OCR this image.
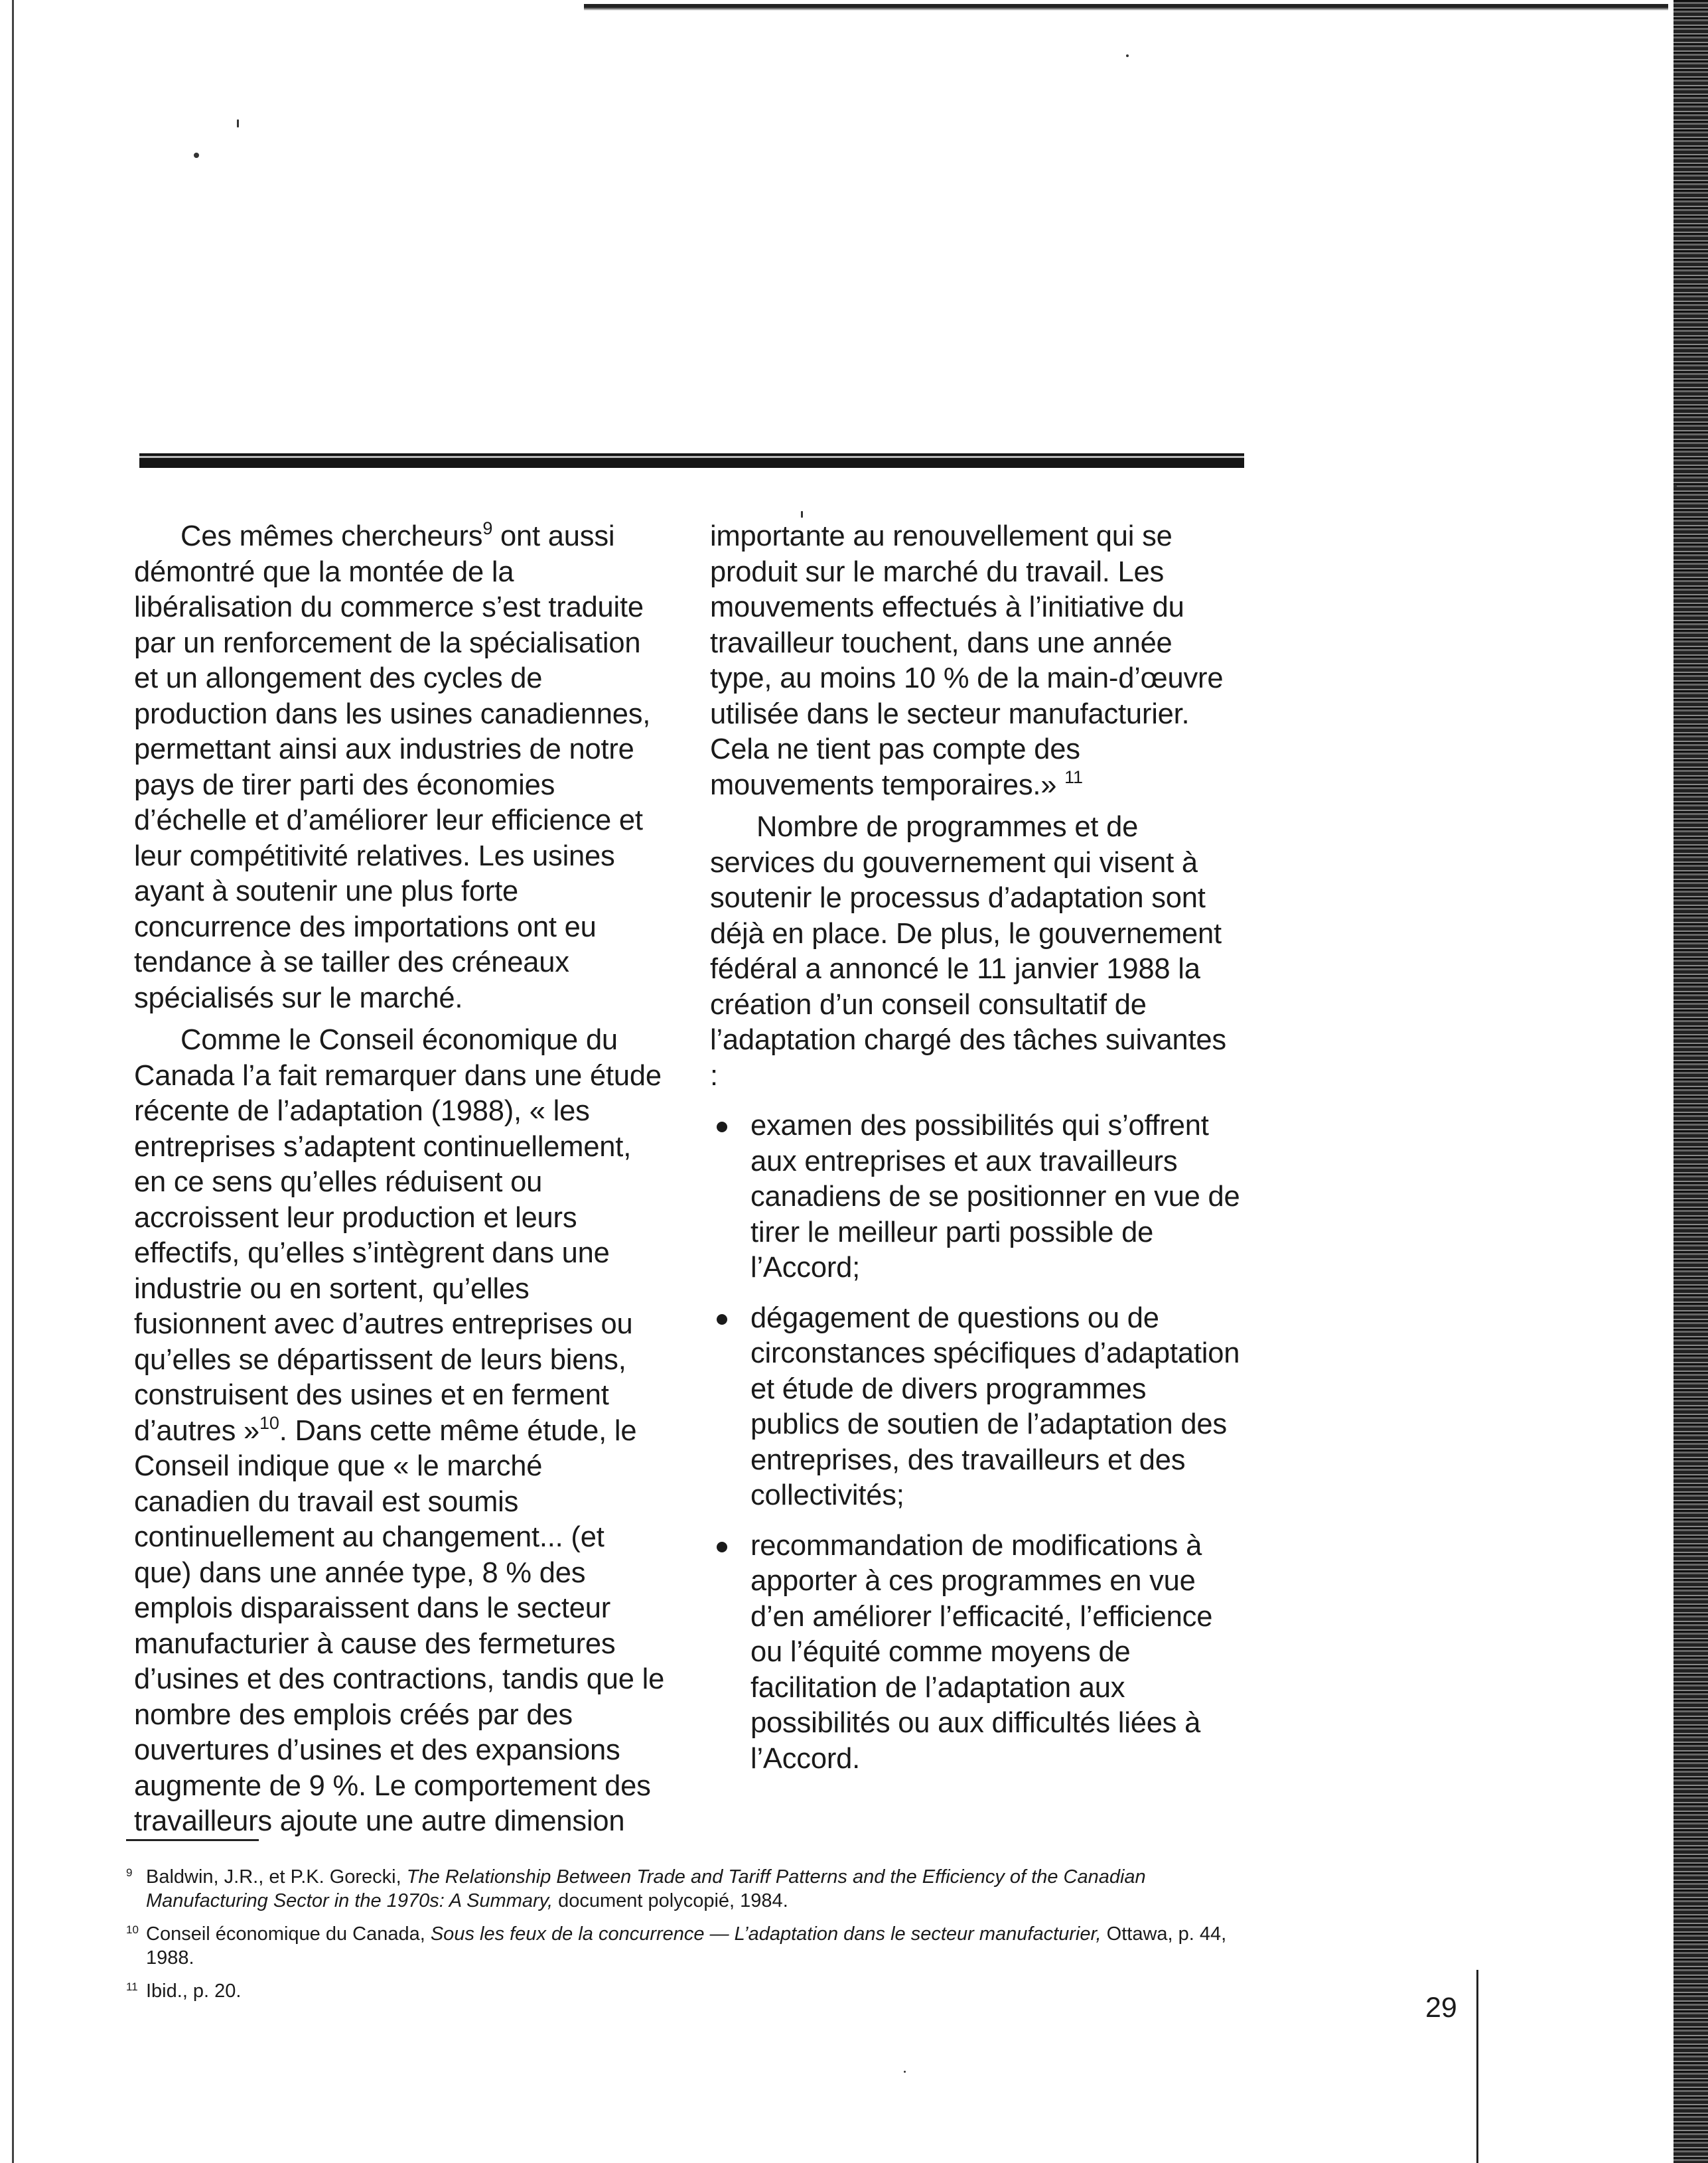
Ces mêmes chercheurs$^9$ ont aussi démontré que la montée de la libéralisation du commerce s’est traduite par un renforcement de la spécialisation et un allongement des cycles de production dans les usines canadiennes, permettant ainsi aux industries de notre pays de tirer parti des économies d’échelle et d’améliorer leur efficience et leur compétitivité relatives. Les usines ayant à soutenir une plus forte concurrence des importations ont eu tendance à se tailler des créneaux spécialisés sur le marché.

Comme le Conseil économique du Canada l’a fait remarquer dans une étude récente de l’adaptation (1988), « les entreprises s’adaptent continuellement, en ce sens qu’elles réduisent ou accroissent leur production et leurs effectifs, qu’elles s’intègrent dans une industrie ou en sortent, qu’elles fusionnent avec d’autres entreprises ou qu’elles se départissent de leurs biens, construisent des usines et en ferment d’autres »$^{10}$. Dans cette même étude, le Conseil indique que « le marché canadien du travail est soumis continuellement au changement... (et que) dans une année type, 8 % des emplois disparaissent dans le secteur manufacturier à cause des fermetures d’usines et des contractions, tandis que le nombre des emplois créés par des ouvertures d’usines et des expansions augmente de 9 %. Le comportement des travailleurs ajoute une autre dimension

importante au renouvellement qui se produit sur le marché du travail. Les mouvements effectués à l’initiative du travailleur touchent, dans une année type, au moins 10 % de la main-d’œuvre utilisée dans le secteur manufacturier. Cela ne tient pas compte des mouvements temporaires.» $^{11}$

Nombre de programmes et de services du gouvernement qui visent à soutenir le processus d’adaptation sont déjà en place. De plus, le gouvernement fédéral a annoncé le 11 janvier 1988 la création d’un conseil consultatif de l’adaptation chargé des tâches suivantes :

examen des possibilités qui s’offrent aux entreprises et aux travailleurs canadiens de se positionner en vue de tirer le meilleur parti possible de l’Accord;
dégagement de questions ou de circonstances spécifiques d’adaptation et étude de divers programmes publics de soutien de l’adaptation des entreprises, des travailleurs et des collectivités;
recommandation de modifications à apporter à ces programmes en vue d’en améliorer l’efficacité, l’efficience ou l’équité comme moyens de facilitation de l’adaptation aux possibilités ou aux difficultés liées à l’Accord.
9 Baldwin, J.R., et P.K. Gorecki, The Relationship Between Trade and Tariff Patterns and the Efficiency of the Canadian Manufacturing Sector in the 1970s: A Summary, document polycopié, 1984.
10 Conseil économique du Canada, Sous les feux de la concurrence — L’adaptation dans le secteur manufacturier, Ottawa, p. 44, 1988.
11 Ibid., p. 20.
29
